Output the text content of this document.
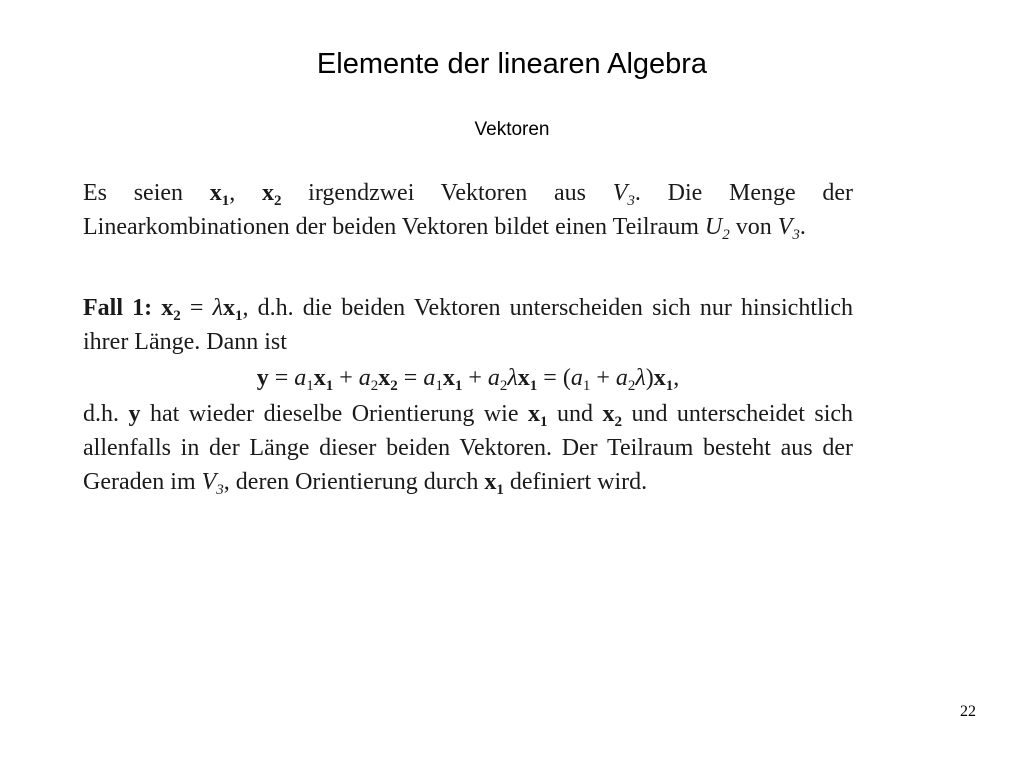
Elemente der linearen Algebra
Vektoren

Es seien $x_1$, $x_2$ irgendzwei Vektoren aus $V_3$. Die Menge der Linearkombinationen der beiden Vektoren bildet einen Teilraum $U_2$ von $V_3$.

Fall 1: $x_2 = \lambda x_1$, d.h. die beiden Vektoren unterscheiden sich nur hinsichtlich ihrer Länge. Dann ist

$y = a_1x_1 + a_2x_2 = a_1x_1 + a_2\lambda x_1 = (a_1 + a_2\lambda)x_1$,

d.h. y hat wieder dieselbe Orientierung wie $x_1$ und $x_2$ und unterscheidet sich allenfalls in der Länge dieser beiden Vektoren. Der Teilraum besteht aus der Geraden im $V_3$, deren Orientierung durch $x_1$ definiert wird.

22
